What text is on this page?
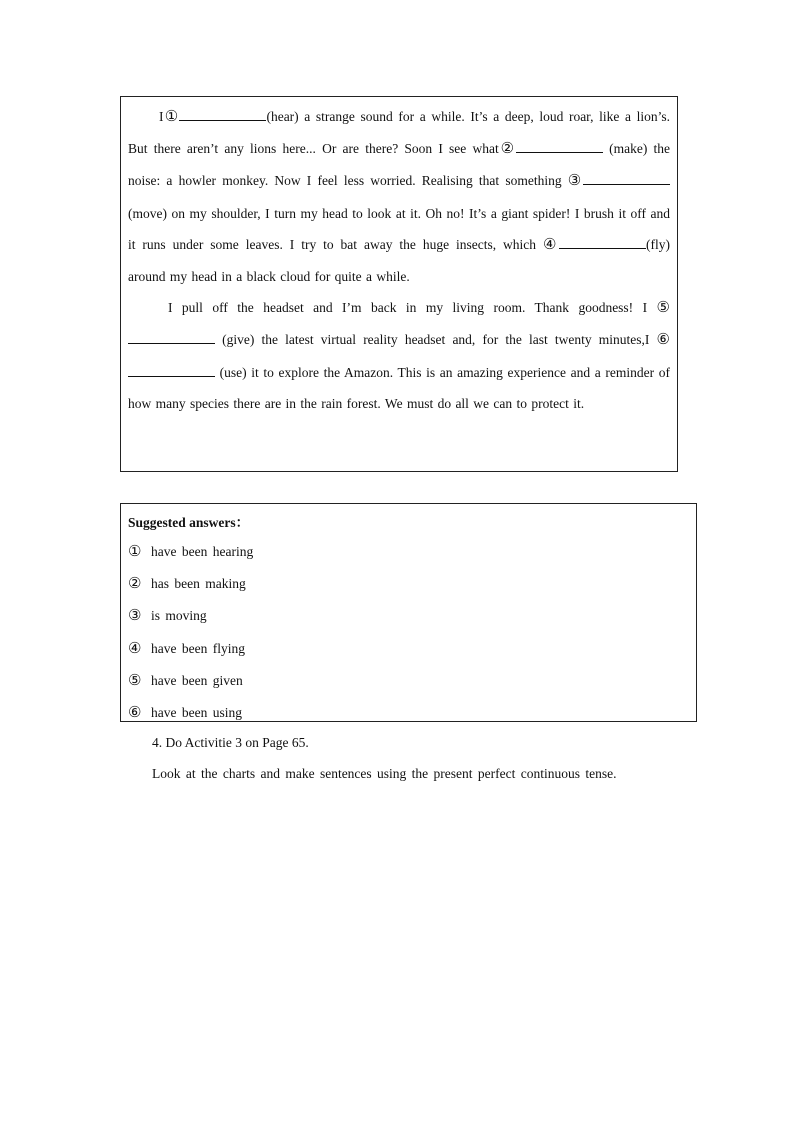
I①	(hear) a strange sound for a while. It’s a deep, loud roar, like a lion’s. But there aren’t any lions here... Or are there? Soon I see what②	(make) the noise: a howler monkey. Now I feel less worried. Realising that something ③(move) on my shoulder, I turn my head to look at it. Oh no! It’s a giant spider! I brush it off and it runs under some leaves. I try to bat away the huge insects, which ④	(fly) around my head in a black cloud for quite a while.

I pull off the headset and I’m back in my living room. Thank goodness! I ⑤  (give) the latest virtual reality headset and, for the last twenty minutes,I ⑥ (use) it to explore the Amazon. This is an amazing experience and a reminder of how many species there are in the rain forest. We must do all we can to protect it.

Suggested answers：

① have been hearing

② has been making

③ is moving

④ have been flying

⑤ have been given

⑥ have been using

4. Do Activitie 3 on Page 65.

Look at the charts and make sentences using the present perfect continuous tense.
